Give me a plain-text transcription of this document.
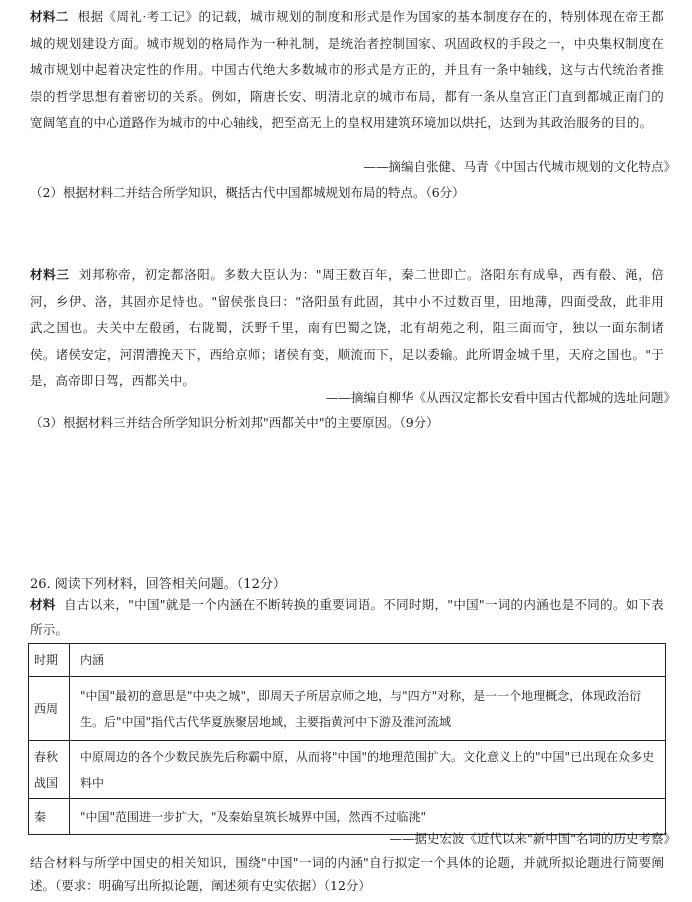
材料二 根据《周礼·考工记》的记载，城市规划的制度和形式是作为国家的基本制度存在的，特别体现在帝王都城的规划建设方面。城市规划的格局作为一种礼制，是统治者控制国家、巩固政权的手段之一，中央集权制度在城市规划中起着决定性的作用。中国古代绝大多数城市的形式是方正的，并且有一条中轴线，这与古代统治者推崇的哲学思想有着密切的关系。例如，隋唐长安、明清北京的城市布局，都有一条从皇宫正门直到都城正南门的宽阔笔直的中心道路作为城市的中心轴线，把至高无上的皇权用建筑环境加以烘托，达到为其政治服务的目的。
——摘编自张健、马青《中国古代城市规划的文化特点》
（2）根据材料二并结合所学知识，概括古代中国都城规划布局的特点。（6分）
材料三 刘邦称帝，初定都洛阳。多数大臣认为："周王数百年，秦二世即亡。洛阳东有成皋，西有殽、渑，倍河，乡伊、洛，其固亦足恃也。"留侯张良曰："洛阳虽有此固，其中小不过数百里，田地薄，四面受敌，此非用武之国也。夫关中左殽函，右陇蜀，沃野千里，南有巴蜀之饶，北有胡苑之利，阻三面而守，独以一面东制诸侯。诸侯安定，河渭漕挽天下，西给京师；诸侯有变，顺流而下，足以委输。此所谓金城千里，天府之国也。"于是，高帝即日驾，西都关中。
——摘编自柳华《从西汉定都长安看中国古代都城的选址问题》
（3）根据材料三并结合所学知识分析刘邦"西都关中"的主要原因。（9分）
26. 阅读下列材料，回答相关问题。（12分）
材料 自古以来，"中国"就是一个内涵在不断转换的重要词语。不同时期，"中国"一词的内涵也是不同的。如下表所示。
时期	内涵
西周	"中国"最初的意思是"中央之城"，即周天子所居京师之地，与"四方"对称，是一一个地理概念，体现政治衍生。后"中国"指代古代华夏族聚居地域，主要指黄河中下游及淮河流域
春秋战国	中原周边的各个少数民族先后称霸中原，从而将"中国"的地理范围扩大。文化意义上的"中国"已出现在众多史料中
秦	"中国"范围进一步扩大，"及秦始皇筑长城界中国，然西不过临洮"
——据史宏波《近代以来"新中国"名词的历史考察》
结合材料与所学中国史的相关知识，围绕"中国"一词的内涵"自行拟定一个具体的论题，并就所拟论题进行简要阐述。（要求：明确写出所拟论题，阐述须有史实依据）（12分）
